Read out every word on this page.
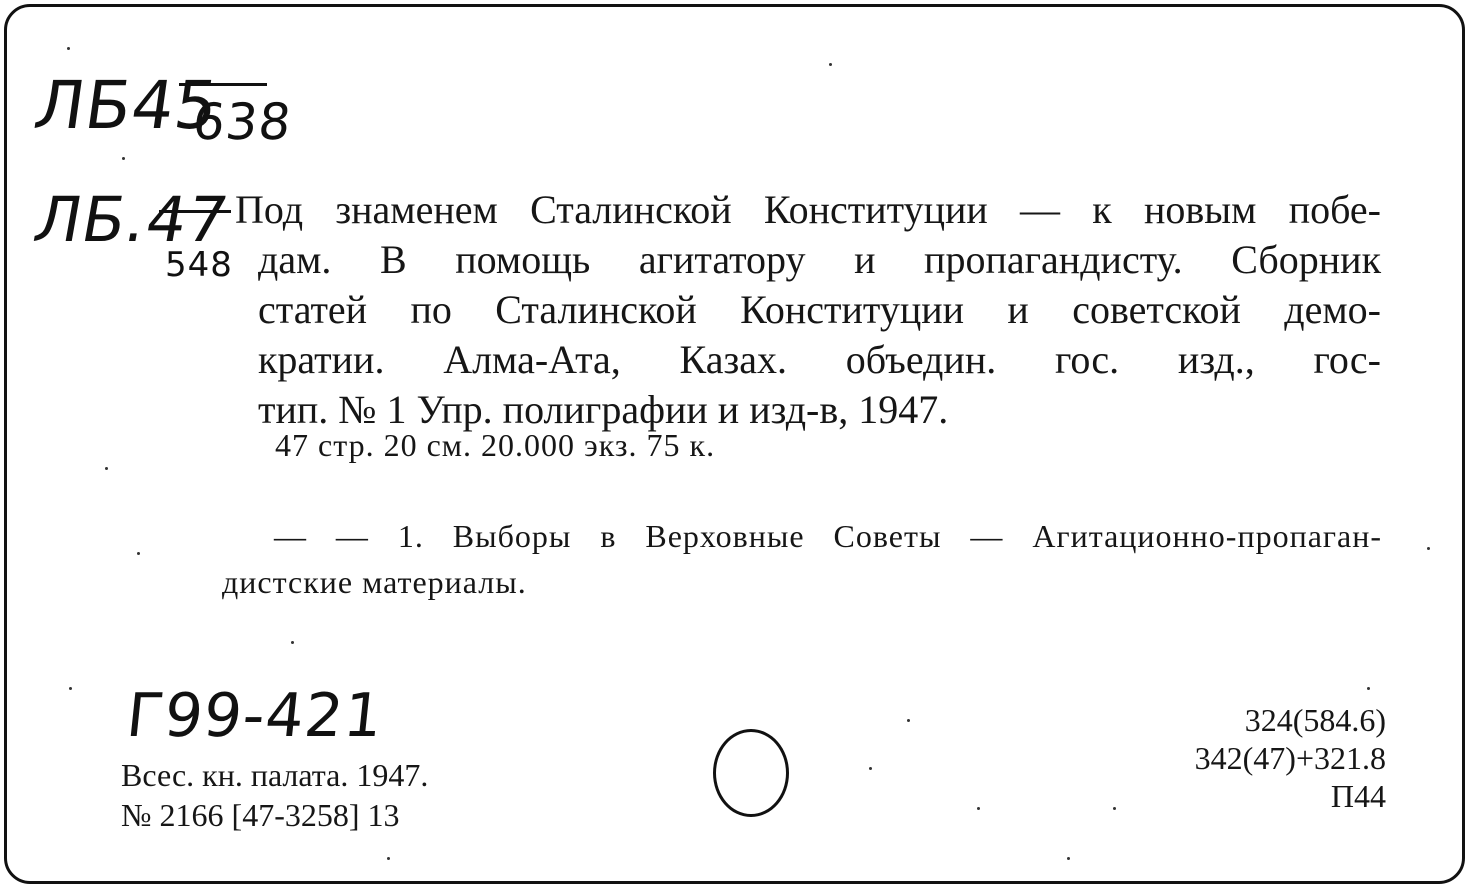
ЛБ45
638
ЛБ.47
548
Под знаменем Сталинской Конституции — к новым побе-
дам. В помощь агитатору и пропагандисту. Сборник
статей по Сталинской Конституции и советской демо-
кратии. Алма-Ата, Казах. объедин. гос. изд., гос-
тип. № 1 Упр. полиграфии и изд-в, 1947.
47 стр. 20 см. 20.000 экз. 75 к.
— — 1. Выборы в Верховные Советы — Агитационно-пропаган-
дистские материалы.
Г99-421
Всес. кн. палата. 1947.
№ 2166 [47-3258] 13
324(584.6)
342(47)+321.8
П44
